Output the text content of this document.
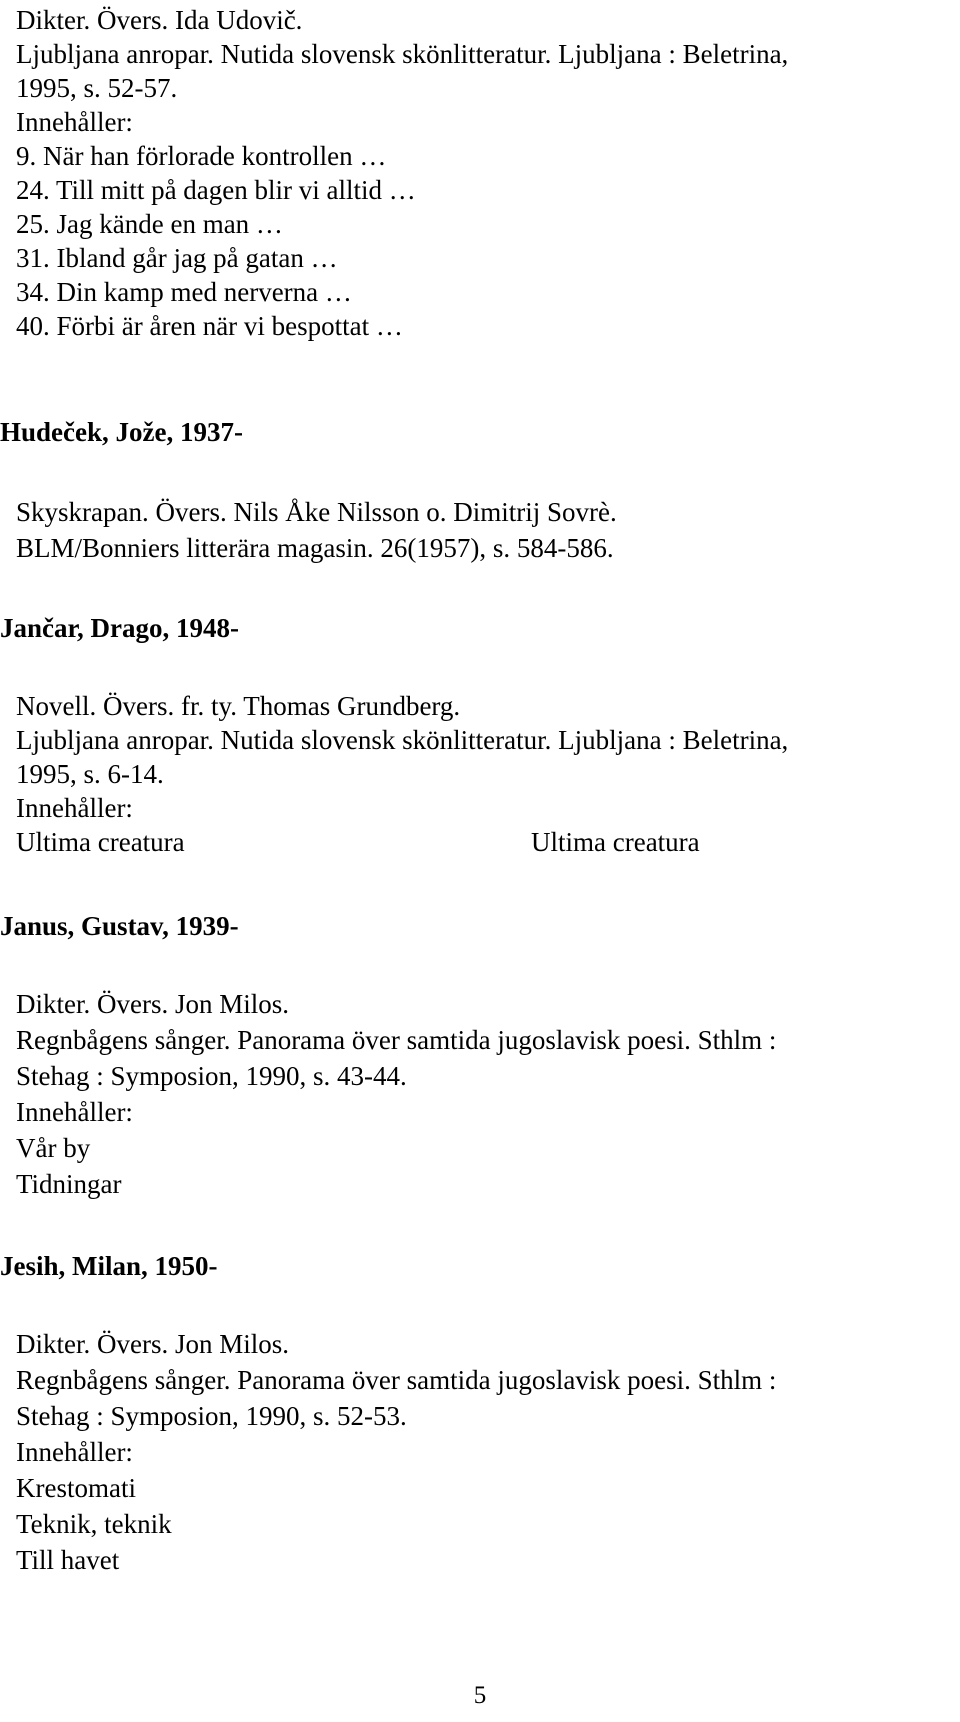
Dikter. Övers. Ida Udovič.
Ljubljana anropar. Nutida slovensk skönlitteratur. Ljubljana : Beletrina,
1995, s. 52-57.
Innehåller:
9. När han förlorade kontrollen …
24. Till mitt på dagen blir vi alltid …
25. Jag kände en man …
31. Ibland går jag på gatan …
34. Din kamp med nerverna …
40. Förbi är åren när vi bespottat …
Hudeček, Jože, 1937-
Skyskrapan. Övers. Nils Åke Nilsson o. Dimitrij Sovrè.
BLM/Bonniers litterära magasin. 26(1957), s. 584-586.
Jančar, Drago, 1948-
Novell. Övers. fr. ty. Thomas Grundberg.
Ljubljana anropar. Nutida slovensk skönlitteratur. Ljubljana : Beletrina,
1995, s. 6-14.
Innehåller:
Ultima creatura	Ultima creatura
Janus, Gustav, 1939-
Dikter. Övers. Jon Milos.
Regnbågens sånger. Panorama över samtida jugoslavisk poesi. Sthlm :
Stehag : Symposion, 1990, s. 43-44.
Innehåller:
Vår by
Tidningar
Jesih, Milan, 1950-
Dikter. Övers. Jon Milos.
Regnbågens sånger. Panorama över samtida jugoslavisk poesi. Sthlm :
Stehag : Symposion, 1990, s. 52-53.
Innehåller:
Krestomati
Teknik, teknik
Till havet
5
